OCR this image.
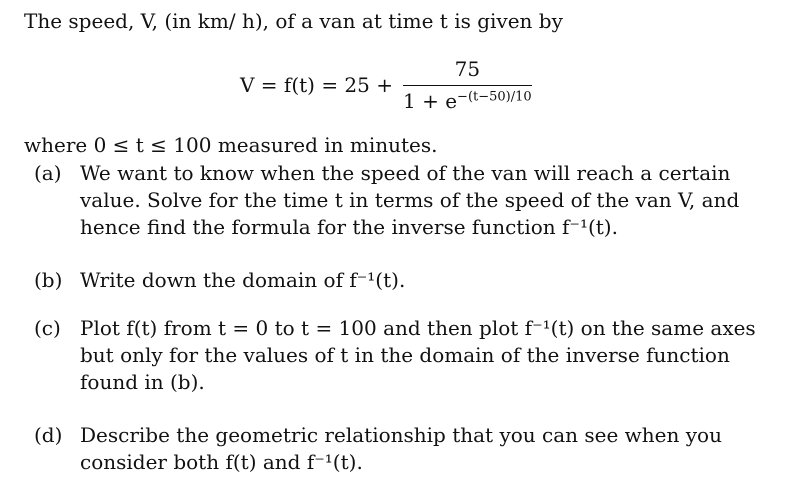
The speed, V, (in km/ h), of a van at time t is given by
$V = f(t) = 25 + \frac{75}{1 + e^{-(t-50)/10}}$
where 0 ≤ t ≤ 100 measured in minutes.
(a) We want to know when the speed of the van will reach a certain value. Solve for the time t in terms of the speed of the van V, and hence find the formula for the inverse function f⁻¹(t).
(b) Write down the domain of f⁻¹(t).
(c) Plot f(t) from t = 0 to t = 100 and then plot f⁻¹(t) on the same axes but only for the values of t in the domain of the inverse function found in (b).
(d) Describe the geometric relationship that you can see when you consider both f(t) and f⁻¹(t).
